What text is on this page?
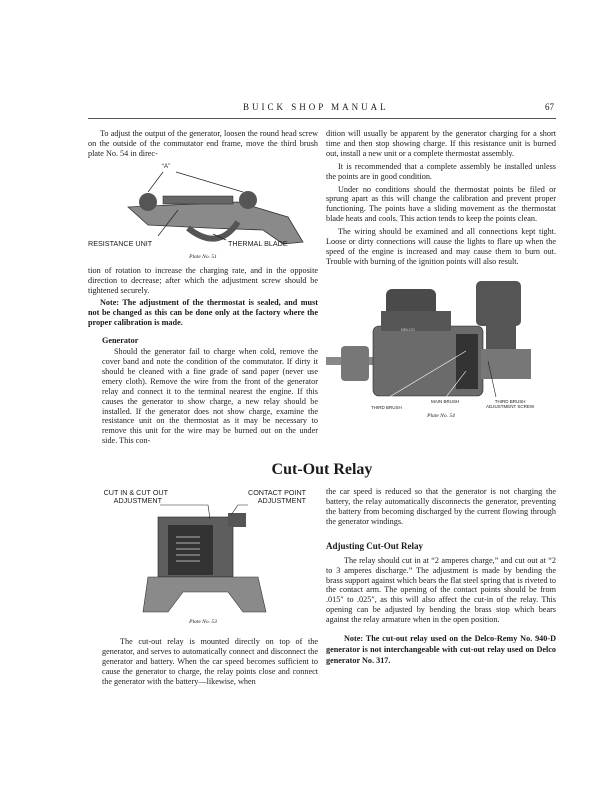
BUICK SHOP MANUAL	67

To adjust the output of the generator, loosen the round head screw on the outside of the commutator end frame, move the third brush plate No. 54 in direc-

“A”
RESISTANCE UNIT	THERMAL BLADE
Plate No. 51

tion of rotation to increase the charging rate, and in the opposite direction to decrease; after which the adjustment screw should be tightened securely.

Note: The adjustment of the thermostat is sealed, and must not be changed as this can be done only at the factory where the proper calibration is made.

Generator

Should the generator fail to charge when cold, remove the cover band and note the condition of the commutator. If dirty it should be cleaned with a fine grade of sand paper (never use emery cloth). Remove the wire from the front of the generator relay and connect it to the terminal nearest the engine. If this causes the generator to show charge, a new relay should be installed. If the generator does not show charge, examine the resistance unit on the thermostat as it may be necessary to remove this unit for the wire may be burned out on the under side. This con-

dition will usually be apparent by the generator charging for a short time and then stop showing charge. If this resistance unit is burned out, install a new unit or a complete thermostat assembly.

It is recommended that a complete assembly be installed unless the points are in good condition.

Under no conditions should the thermostat points be filed or sprung apart as this will change the calibration and prevent proper functioning. The points have a sliding movement as the thermostat blade heats and cools. This action tends to keep the points clean.

The wiring should be examined and all connections kept tight. Loose or dirty connections will cause the lights to flare up when the speed of the engine is increased and may cause them to burn out. Trouble with burning of the ignition points will also result.

DELCO
MAIN BRUSH
THIRD BRUSH
THIRD BRUSH
ADJUSTMENT SCREW
Plate No. 54
Cut-Out Relay
CUT IN & CUT OUT
ADJUSTMENT
CONTACT POINT
ADJUSTMENT
Plate No. 53

The cut-out relay is mounted directly on top of the generator, and serves to automatically connect and disconnect the generator and battery. When the car speed becomes sufficient to cause the generator to charge, the relay points close and connect the generator with the battery—likewise, when

the car speed is reduced so that the generator is not charging the battery, the relay automatically disconnects the generator, preventing the battery from becoming discharged by the current flowing through the generator windings.

Adjusting Cut-Out Relay

The relay should cut in at “2 amperes charge,” and cut out at “2 to 3 amperes discharge.” The adjustment is made by bending the brass support against which bears the flat steel spring that is riveted to the contact arm. The opening of the contact points should be from .015″ to .025″, as this will also affect the cut-in of the relay. This opening can be adjusted by bending the brass stop which bears against the relay armature when in the open position.

Note: The cut-out relay used on the Delco-Remy No. 940-D generator is not interchangeable with cut-out relay used on Delco generator No. 317.
